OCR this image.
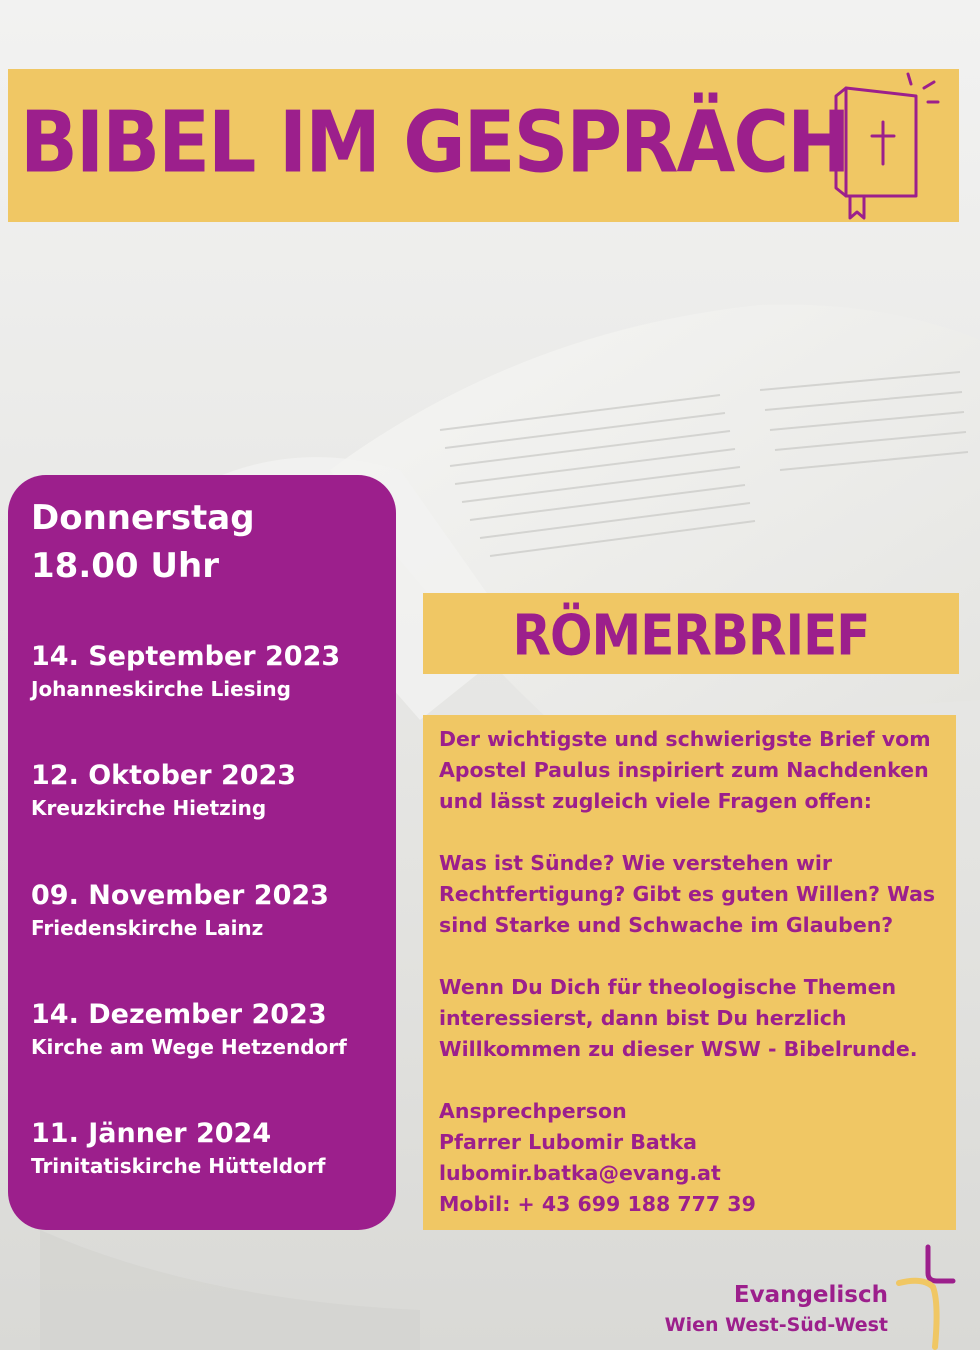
BIBEL IM GESPRÄCH
Donnerstag
18.00 Uhr
14. September 2023
Johanneskirche Liesing
12. Oktober 2023
Kreuzkirche Hietzing
09. November 2023
Friedenskirche Lainz
14. Dezember 2023
Kirche am Wege Hetzendorf
11. Jänner 2024
Trinitatiskirche Hütteldorf
RÖMERBRIEF
Der wichtigste und schwierigste Brief vom
Apostel Paulus inspiriert zum Nachdenken
und lässt zugleich viele Fragen offen:
Was ist Sünde? Wie verstehen wir
Rechtfertigung? Gibt es guten Willen? Was
sind Starke und Schwache im Glauben?
Wenn Du Dich für theologische Themen
interessierst, dann bist Du herzlich
Willkommen zu dieser WSW - Bibelrunde.
Ansprechperson
Pfarrer Lubomir Batka
lubomir.batka@evang.at
Mobil: + 43 699 188 777 39
Evangelisch
Wien West-Süd-West
